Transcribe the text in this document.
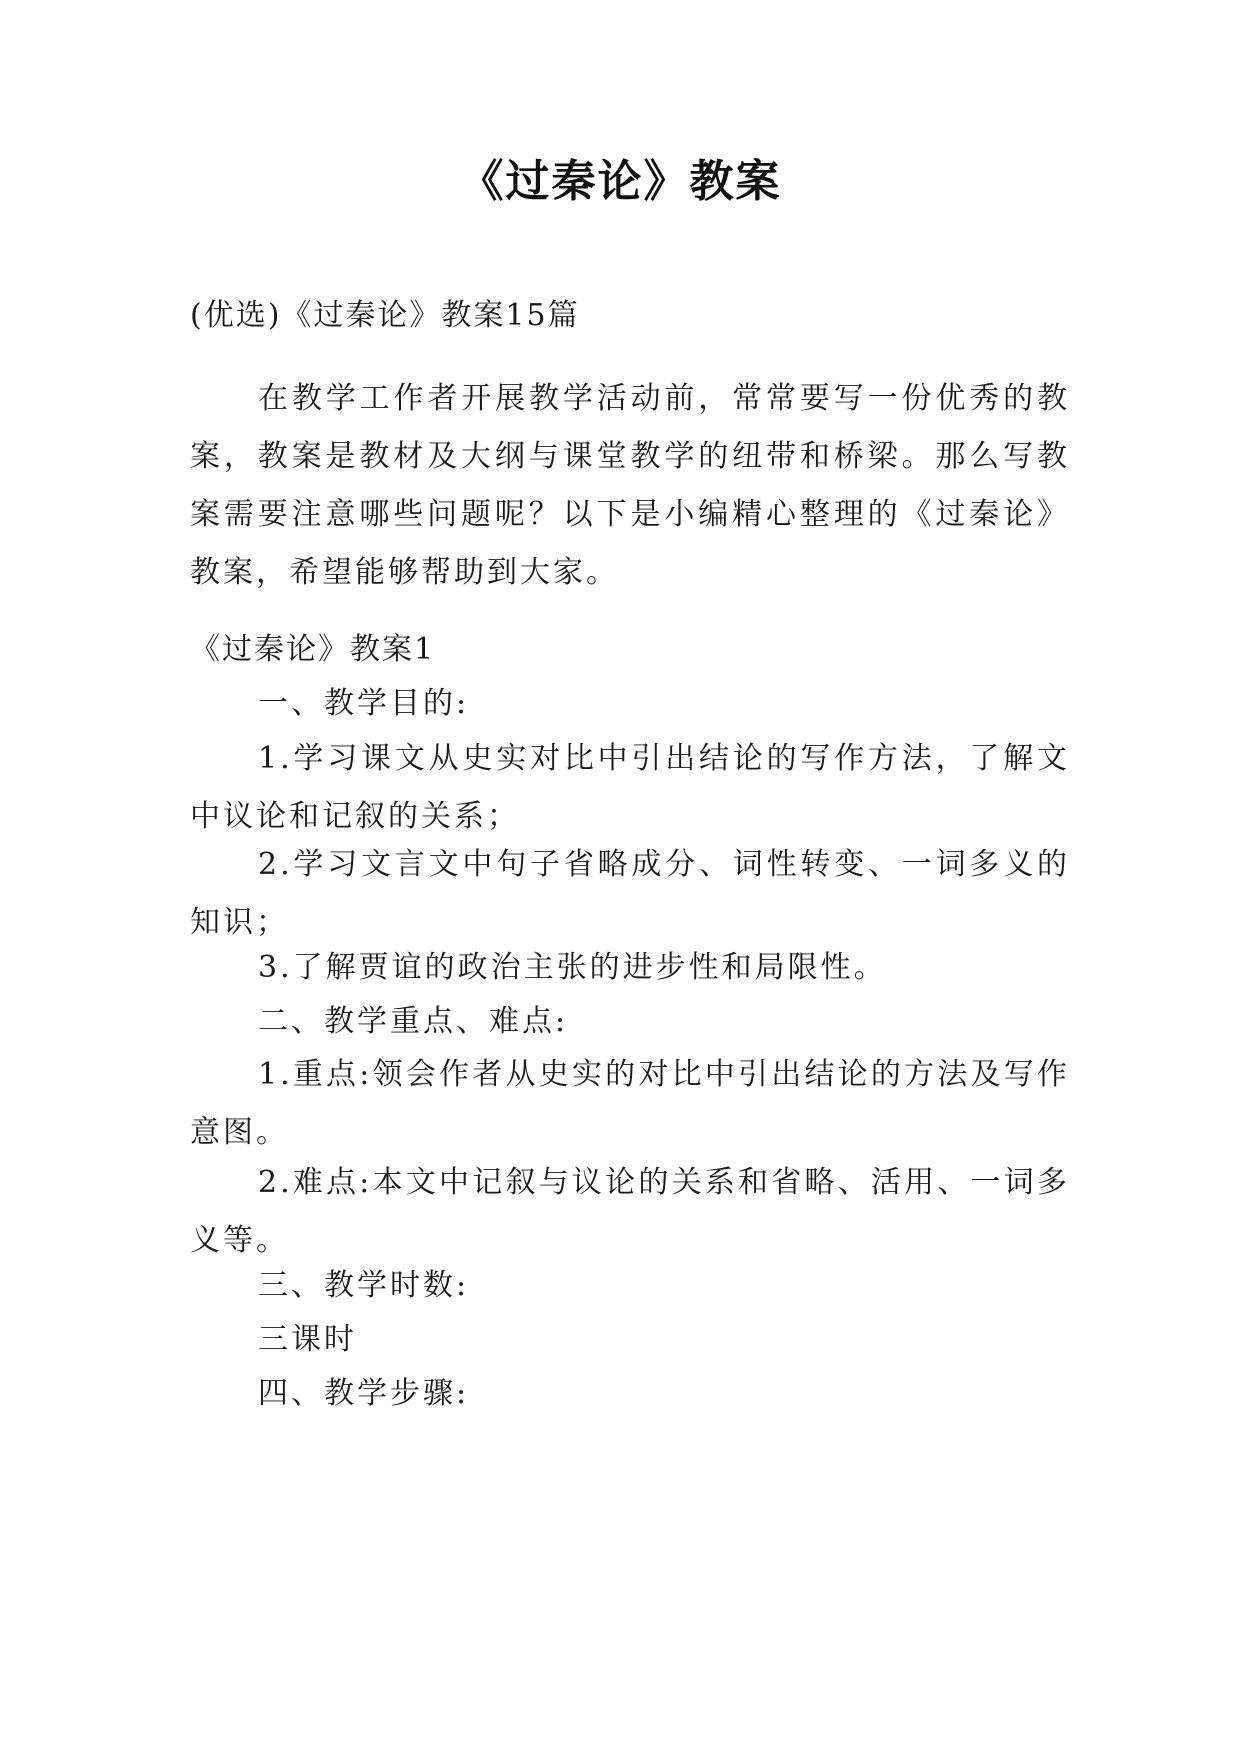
《过秦论》教案
(优选)《过秦论》教案15篇
在教学工作者开展教学活动前，常常要写一份优秀的教案，教案是教材及大纲与课堂教学的纽带和桥梁。那么写教案需要注意哪些问题呢？以下是小编精心整理的《过秦论》教案，希望能够帮助到大家。
《过秦论》教案1
一、教学目的:
1.学习课文从史实对比中引出结论的写作方法，了解文中议论和记叙的关系；
2.学习文言文中句子省略成分、词性转变、一词多义的知识；
3.了解贾谊的政治主张的进步性和局限性。
二、教学重点、难点:
1.重点:领会作者从史实的对比中引出结论的方法及写作意图。
2.难点:本文中记叙与议论的关系和省略、活用、一词多义等。
三、教学时数:
三课时
四、教学步骤:
